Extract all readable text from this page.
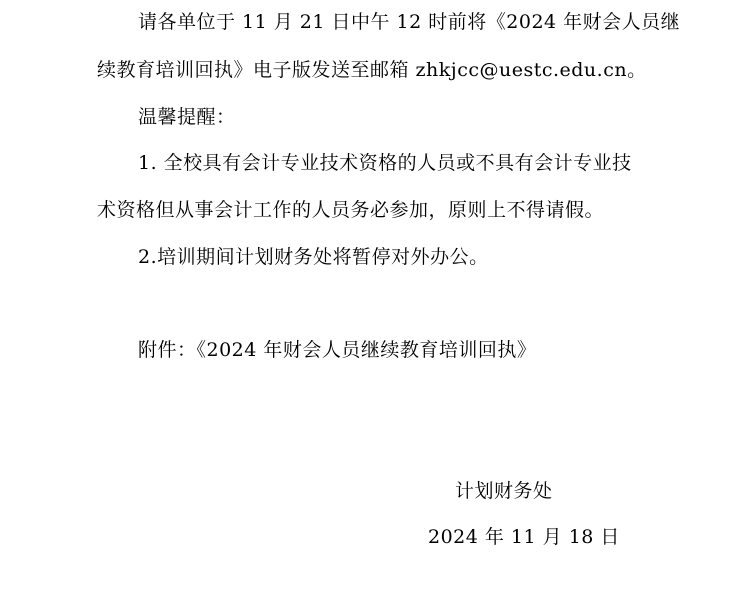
请各单位于 11 月 21 日中午 12 时前将《2024 年财会人员继
续教育培训回执》电子版发送至邮箱 zhkjcc@uestc.edu.cn。
温馨提醒：
1. 全校具有会计专业技术资格的人员或不具有会计专业技
术资格但从事会计工作的人员务必参加，原则上不得请假。
2.培训期间计划财务处将暂停对外办公。
附件：《2024 年财会人员继续教育培训回执》
计划财务处
2024 年 11 月 18 日
